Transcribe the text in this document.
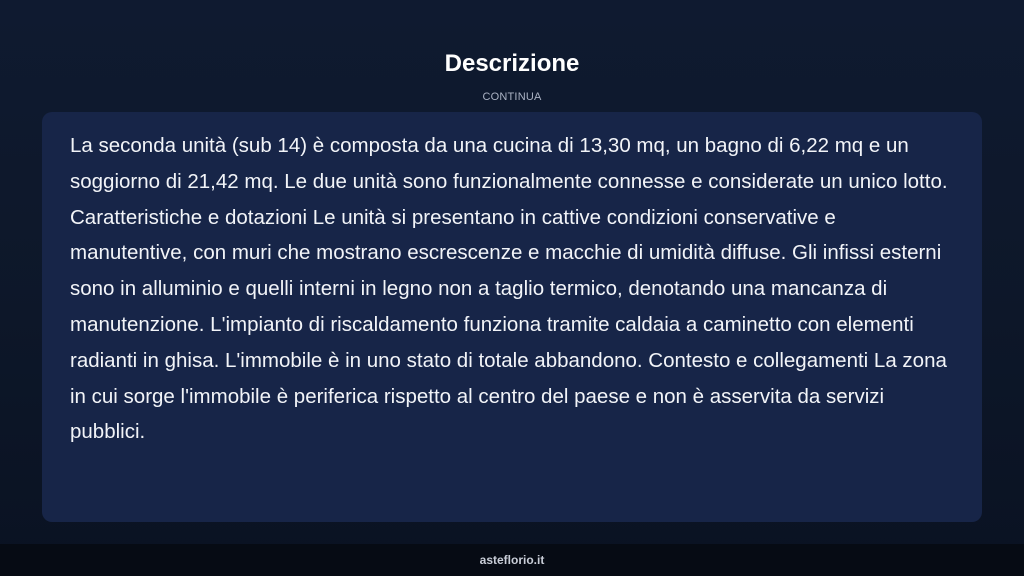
Descrizione
CONTINUA

La seconda unità (sub 14) è composta da una cucina di 13,30 mq, un bagno di 6,22 mq e un soggiorno di 21,42 mq. Le due unità sono funzionalmente connesse e considerate un unico lotto. Caratteristiche e dotazioni Le unità si presentano in cattive condizioni conservative e manutentive, con muri che mostrano escrescenze e macchie di umidità diffuse. Gli infissi esterni sono in alluminio e quelli interni in legno non a taglio termico, denotando una mancanza di manutenzione. L'impianto di riscaldamento funziona tramite caldaia a caminetto con elementi radianti in ghisa. L'immobile è in uno stato di totale abbandono. Contesto e collegamenti La zona in cui sorge l'immobile è periferica rispetto al centro del paese e non è asservita da servizi pubblici.

asteflorio.it
